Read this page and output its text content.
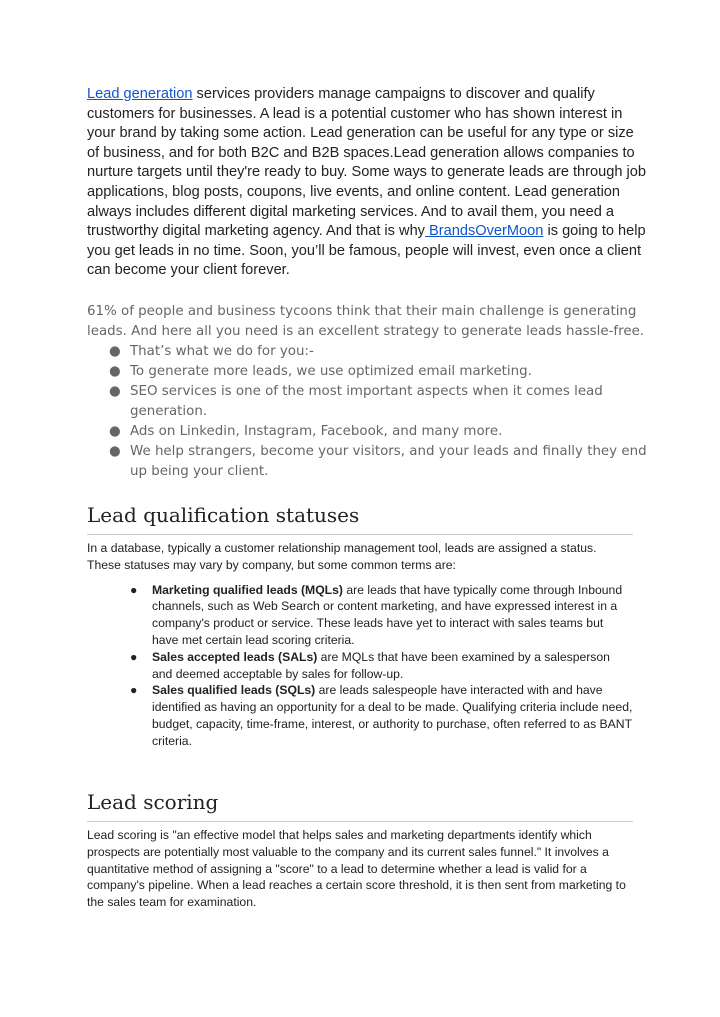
Lead generation services providers manage campaigns to discover and qualify customers for businesses. A lead is a potential customer who has shown interest in your brand by taking some action. Lead generation can be useful for any type or size of business, and for both B2C and B2B spaces.Lead generation allows companies to nurture targets until they're ready to buy. Some ways to generate leads are through job applications, blog posts, coupons, live events, and online content. Lead generation always includes different digital marketing services. And to avail them, you need a trustworthy digital marketing agency. And that is why BrandsOverMoon is going to help you get leads in no time. Soon, you’ll be famous, people will invest, even once a client can become your client forever.

61% of people and business tycoons think that their main challenge is generating leads. And here all you need is an excellent strategy to generate leads hassle-free.

● That’s what we do for you:-
● To generate more leads, we use optimized email marketing.
● SEO services is one of the most important aspects when it comes lead generation.
● Ads on Linkedin, Instagram, Facebook, and many more.
● We help strangers, become your visitors, and your leads and finally they end up being your client.
Lead qualification statuses

In a database, typically a customer relationship management tool, leads are assigned a status. These statuses may vary by company, but some common terms are:

● Marketing qualified leads (MQLs) are leads that have typically come through Inbound channels, such as Web Search or content marketing, and have expressed interest in a company's product or service. These leads have yet to interact with sales teams but have met certain lead scoring criteria.
● Sales accepted leads (SALs) are MQLs that have been examined by a salesperson and deemed acceptable by sales for follow-up.
● Sales qualified leads (SQLs) are leads salespeople have interacted with and have identified as having an opportunity for a deal to be made. Qualifying criteria include need, budget, capacity, time-frame, interest, or authority to purchase, often referred to as BANT criteria.
Lead scoring

Lead scoring is "an effective model that helps sales and marketing departments identify which prospects are potentially most valuable to the company and its current sales funnel." It involves a quantitative method of assigning a "score" to a lead to determine whether a lead is valid for a company's pipeline. When a lead reaches a certain score threshold, it is then sent from marketing to the sales team for examination.
